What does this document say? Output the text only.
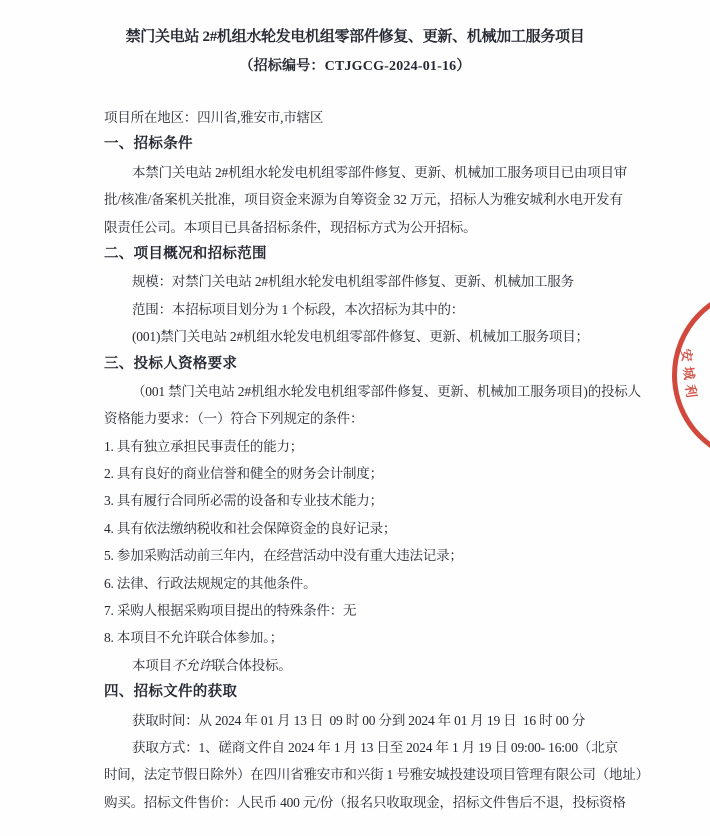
禁门关电站 2#机组水轮发电机组零部件修复、更新、机械加工服务项目
（招标编号：CTJGCG-2024-01-16）
项目所在地区：四川省,雅安市,市辖区
一、招标条件
本禁门关电站 2#机组水轮发电机组零部件修复、更新、机械加工服务项目已由项目审
批/核准/备案机关批准，项目资金来源为自筹资金 32 万元，招标人为雅安城利水电开发有
限责任公司。本项目已具备招标条件，现招标方式为公开招标。
二、项目概况和招标范围
规模：对禁门关电站 2#机组水轮发电机组零部件修复、更新、机械加工服务
范围：本招标项目划分为 1 个标段，本次招标为其中的：
(001)禁门关电站 2#机组水轮发电机组零部件修复、更新、机械加工服务项目；
三、投标人资格要求
（001 禁门关电站 2#机组水轮发电机组零部件修复、更新、机械加工服务项目)的投标人
资格能力要求：（一）符合下列规定的条件：
1. 具有独立承担民事责任的能力；
2. 具有良好的商业信誉和健全的财务会计制度；
3. 具有履行合同所必需的设备和专业技术能力；
4. 具有依法缴纳税收和社会保障资金的良好记录；
5. 参加采购活动前三年内，在经营活动中没有重大违法记录；
6. 法律、行政法规规定的其他条件。
7. 采购人根据采购项目提出的特殊条件：无
8. 本项目不允许联合体参加。；
本项目不允许联合体投标。
四、招标文件的获取
获取时间：从 2024 年 01 月 13 日  09 时 00 分到 2024 年 01 月 19 日  16 时 00 分
获取方式：1、磋商文件自 2024 年 1 月 13 日至 2024 年 1 月 19 日 09:00- 16:00（北京
时间，法定节假日除外）在四川省雅安市和兴街 1 号雅安城投建设项目管理有限公司（地址）
购买。招标文件售价：人民币 400 元/份（报名只收取现金，招标文件售后不退，投标资格
安城利
